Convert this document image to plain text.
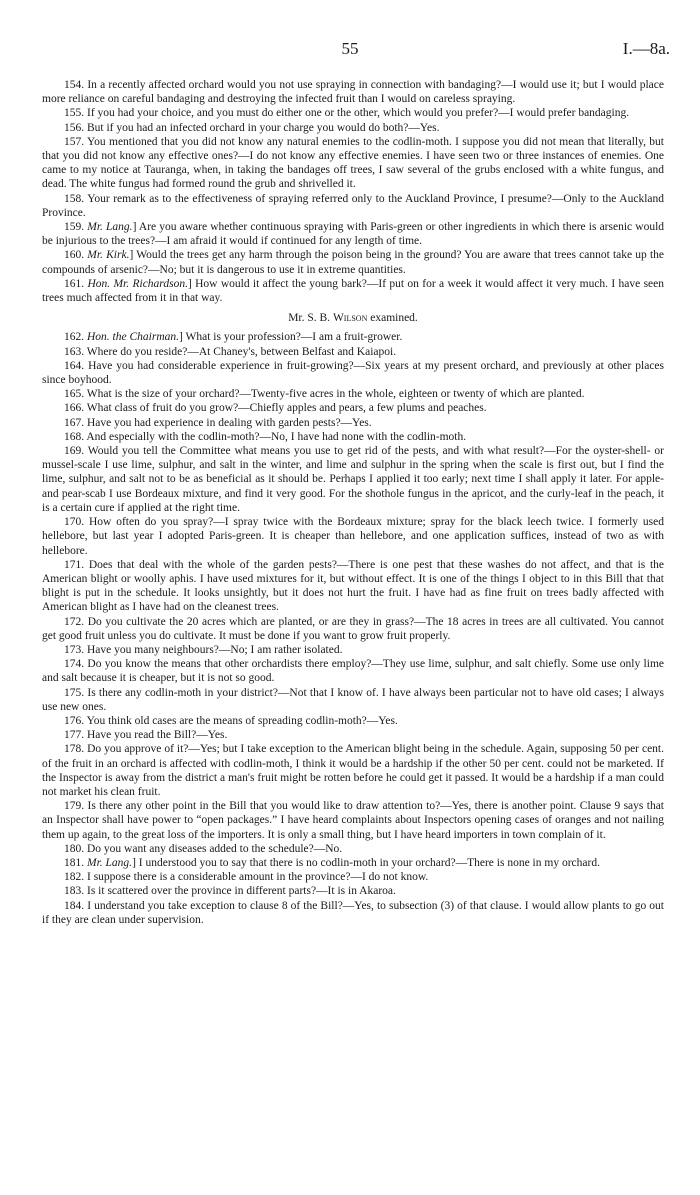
55	I.—8a.

154. In a recently affected orchard would you not use spraying in connection with bandaging?—I would use it; but I would place more reliance on careful bandaging and destroying the infected fruit than I would on careless spraying.

155. If you had your choice, and you must do either one or the other, which would you prefer?—I would prefer bandaging.

156. But if you had an infected orchard in your charge you would do both?—Yes.

157. You mentioned that you did not know any natural enemies to the codlin-moth. I suppose you did not mean that literally, but that you did not know any effective ones?—I do not know any effective enemies. I have seen two or three instances of enemies. One came to my notice at Tauranga, when, in taking the bandages off trees, I saw several of the grubs enclosed with a white fungus, and dead. The white fungus had formed round the grub and shrivelled it.

158. Your remark as to the effectiveness of spraying referred only to the Auckland Province, I presume?—Only to the Auckland Province.

159. Mr. Lang.] Are you aware whether continuous spraying with Paris-green or other ingredients in which there is arsenic would be injurious to the trees?—I am afraid it would if continued for any length of time.

160. Mr. Kirk.] Would the trees get any harm through the poison being in the ground? You are aware that trees cannot take up the compounds of arsenic?—No; but it is dangerous to use it in extreme quantities.

161. Hon. Mr. Richardson.] How would it affect the young bark?—If put on for a week it would affect it very much. I have seen trees much affected from it in that way.

Mr. S. B. Wilson examined.

162. Hon. the Chairman.] What is your profession?—I am a fruit-grower.

163. Where do you reside?—At Chaney's, between Belfast and Kaiapoi.

164. Have you had considerable experience in fruit-growing?—Six years at my present orchard, and previously at other places since boyhood.

165. What is the size of your orchard?—Twenty-five acres in the whole, eighteen or twenty of which are planted.

166. What class of fruit do you grow?—Chiefly apples and pears, a few plums and peaches.

167. Have you had experience in dealing with garden pests?—Yes.

168. And especially with the codlin-moth?—No, I have had none with the codlin-moth.

169. Would you tell the Committee what means you use to get rid of the pests, and with what result?—For the oyster-shell- or mussel-scale I use lime, sulphur, and salt in the winter, and lime and sulphur in the spring when the scale is first out, but I find the lime, sulphur, and salt not to be as beneficial as it should be. Perhaps I applied it too early; next time I shall apply it later. For apple- and pear-scab I use Bordeaux mixture, and find it very good. For the shothole fungus in the apricot, and the curly-leaf in the peach, it is a certain cure if applied at the right time.

170. How often do you spray?—I spray twice with the Bordeaux mixture; spray for the black leech twice. I formerly used hellebore, but last year I adopted Paris-green. It is cheaper than hellebore, and one application suffices, instead of two as with hellebore.

171. Does that deal with the whole of the garden pests?—There is one pest that these washes do not affect, and that is the American blight or woolly aphis. I have used mixtures for it, but without effect. It is one of the things I object to in this Bill that that blight is put in the schedule. It looks unsightly, but it does not hurt the fruit. I have had as fine fruit on trees badly affected with American blight as I have had on the cleanest trees.

172. Do you cultivate the 20 acres which are planted, or are they in grass?—The 18 acres in trees are all cultivated. You cannot get good fruit unless you do cultivate. It must be done if you want to grow fruit properly.

173. Have you many neighbours?—No; I am rather isolated.

174. Do you know the means that other orchardists there employ?—They use lime, sulphur, and salt chiefly. Some use only lime and salt because it is cheaper, but it is not so good.

175. Is there any codlin-moth in your district?—Not that I know of. I have always been particular not to have old cases; I always use new ones.

176. You think old cases are the means of spreading codlin-moth?—Yes.

177. Have you read the Bill?—Yes.

178. Do you approve of it?—Yes; but I take exception to the American blight being in the schedule. Again, supposing 50 per cent. of the fruit in an orchard is affected with codlin-moth, I think it would be a hardship if the other 50 per cent. could not be marketed. If the Inspector is away from the district a man's fruit might be rotten before he could get it passed. It would be a hardship if a man could not market his clean fruit.

179. Is there any other point in the Bill that you would like to draw attention to?—Yes, there is another point. Clause 9 says that an Inspector shall have power to “open packages.” I have heard complaints about Inspectors opening cases of oranges and not nailing them up again, to the great loss of the importers. It is only a small thing, but I have heard importers in town complain of it.

180. Do you want any diseases added to the schedule?—No.

181. Mr. Lang.] I understood you to say that there is no codlin-moth in your orchard?—There is none in my orchard.

182. I suppose there is a considerable amount in the province?—I do not know.

183. Is it scattered over the province in different parts?—It is in Akaroa.

184. I understand you take exception to clause 8 of the Bill?—Yes, to subsection (3) of that clause. I would allow plants to go out if they are clean under supervision.
